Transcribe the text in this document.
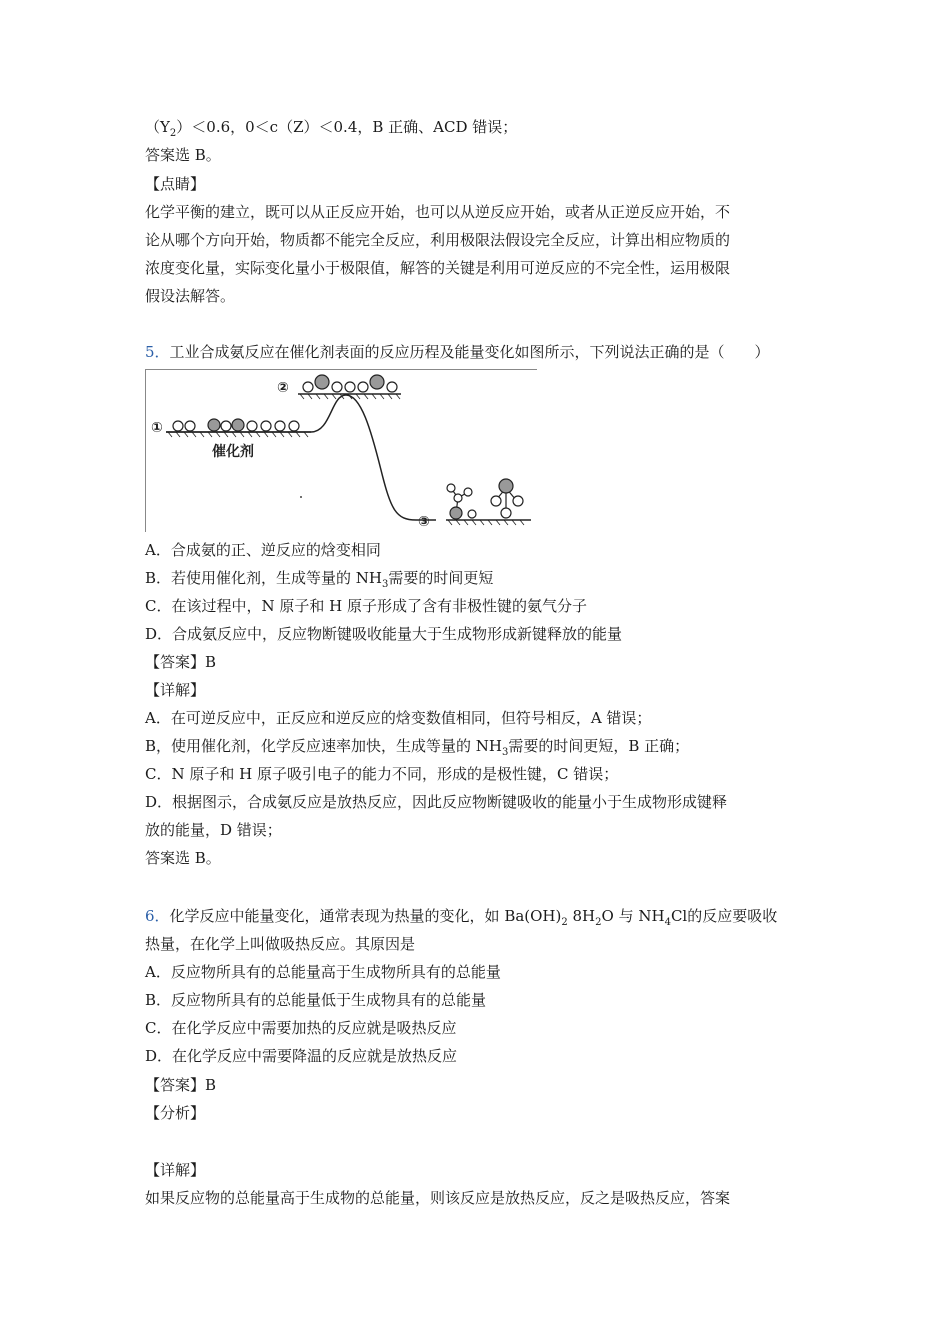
$(Y_2)<0.6$，0＜c（Z）＜0.4，B 正确、ACD 错误；
答案选 B。
【点睛】
化学平衡的建立，既可以从正反应开始，也可以从逆反应开始，或者从正逆反应开始，不
论从哪个方向开始，物质都不能完全反应，利用极限法假设完全反应，计算出相应物质的
浓度变化量，实际变化量小于极限值，解答的关键是利用可逆反应的不完全性，运用极限
假设法解答。
5．工业合成氨反应在催化剂表面的反应历程及能量变化如图所示，下列说法正确的是（　　）
①
催化剂
②
③
A．合成氨的正、逆反应的焓变相同
B．若使用催化剂，生成等量的 $NH_3$需要的时间更短
C．在该过程中，N 原子和 H 原子形成了含有非极性键的氨气分子
D．合成氨反应中，反应物断键吸收能量大于生成物形成新键释放的能量
【答案】B
【详解】
A．在可逆反应中，正反应和逆反应的焓变数值相同，但符号相反，A 错误；
B，使用催化剂，化学反应速率加快，生成等量的 $NH_3$需要的时间更短，B 正确；
C．N 原子和 H 原子吸引电子的能力不同，形成的是极性键，C 错误；
D．根据图示，合成氨反应是放热反应，因此反应物断键吸收的能量小于生成物形成键释
放的能量，D 错误；
答案选 B。
6．化学反应中能量变化，通常表现为热量的变化，如 $Ba(OH)_2$ $8H_2O$ 与 $NH_4Cl$的反应要吸收
热量，在化学上叫做吸热反应。其原因是
A．反应物所具有的总能量高于生成物所具有的总能量
B．反应物所具有的总能量低于生成物具有的总能量
C．在化学反应中需要加热的反应就是吸热反应
D．在化学反应中需要降温的反应就是放热反应
【答案】B
【分析】
【详解】
如果反应物的总能量高于生成物的总能量，则该反应是放热反应，反之是吸热反应，答案
